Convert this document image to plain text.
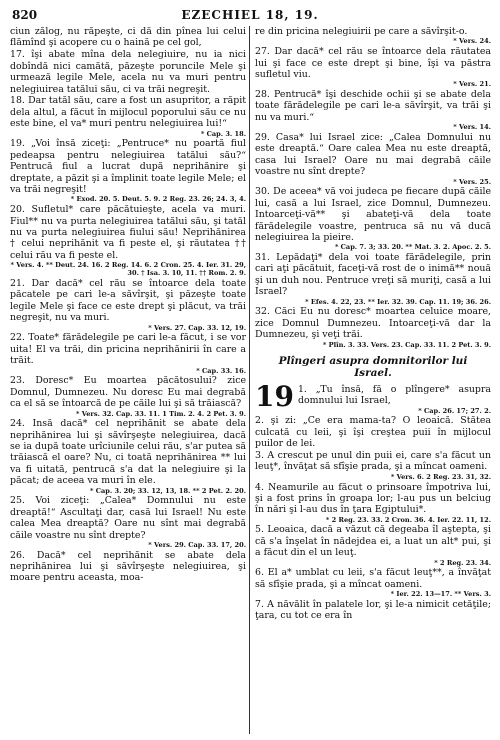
820	EZECHIEL 18, 19.

ciun zălog, nu răpeşte, ci dă din pînea lui celui flămînd şi acopere cu o haină pe cel gol,

17. îşi abate mîna dela nelegiuire, nu ia nici dobîndă nici camătă, păzeşte poruncile Mele şi urmează legile Mele, acela nu va muri pentru nelegiuirea tatălui său, ci va trăi negreşit.

18. Dar tatăl său, care a fost un asupritor, a răpit dela altul, a făcut în mijlocul poporului său ce nu este bine, el va* muri pentru nelegiuirea lui!“
* Cap. 3. 18.

19. „Voi însă ziceţi: „Pentruce* nu poartă fiul pedeapsa pentru nelegiuirea tatălui său?“ Pentrucă fiul a lucrat după neprihănire şi dreptate, a păzit şi a împlinit toate legile Mele; el va trăi negreşit!
* Exod. 20. 5. Deut. 5. 9. 2 Reg. 23. 26; 24. 3, 4.

20. Sufletul* care păcătuieşte, acela va muri. Fiul** nu va purta nelegiuirea tatălui său, şi tatăl nu va purta nelegiuirea fiului său! Neprihănirea † celui neprihănit va fi peste el, şi răutatea †† celui rău va fi peste el.
* Vers. 4. ** Deut. 24. 16. 2 Reg. 14. 6. 2 Cron. 25. 4. Ier. 31. 29, 30. † Isa. 3. 10, 11. †† Rom. 2. 9.

21. Dar dacă* cel rău se întoarce dela toate păcatele pe cari le-a săvîrşit, şi păzeşte toate legile Mele şi face ce este drept şi plăcut, va trăi negreşit, nu va muri.
* Vers. 27. Cap. 33. 12, 19.

22. Toate* fărădelegile pe cari le-a făcut, i se vor uita! El va trăi, din pricina neprihănirii în care a trăit.
* Cap. 33. 16.

23. Doresc* Eu moartea păcătosului? zice Domnul, Dumnezeu. Nu doresc Eu mai degrabă ca el să se întoarcă de pe căile lui şi să trăiască?
* Vers. 32. Cap. 33. 11. 1 Tim. 2. 4. 2 Pet. 3. 9.

24. Insă dacă* cel neprihănit se abate dela neprihănirea lui şi săvîrşeşte nelegiuirea, dacă se ia după toate urîciunile celui rău, s'ar putea să trăiască el oare? Nu, ci toată neprihănirea ** lui va fi uitată, pentrucă s'a dat la nelegiuire şi la păcat; de aceea va muri în ele.
* Cap. 3. 20; 33. 12, 13, 18. ** 2 Pet. 2. 20.

25. Voi ziceţi: „Calea* Domnului nu este dreaptă!“ Ascultaţi dar, casă lui Israel! Nu este calea Mea dreaptă? Oare nu sînt mai degrabă căile voastre nu sînt drepte?
* Vers. 29. Cap. 33. 17, 20.

26. Dacă* cel neprihănit se abate dela neprihănirea lui şi săvîrşeşte nelegiuirea, şi moare pentru aceasta, moa-

re din pricina nelegiuirii pe care a săvîrşit-o.
* Vers. 24.

27. Dar dacă* cel rău se întoarce dela răutatea lui şi face ce este drept şi bine, îşi va păstra sufletul viu.
* Vers. 21.

28. Pentrucă* îşi deschide ochii şi se abate dela toate fărădelegile pe cari le-a săvîrşit, va trăi şi nu va muri.“
* Vers. 14.

29. Casa* lui Israel zice: „Calea Domnului nu este dreaptă.“ Oare calea Mea nu este dreaptă, casa lui Israel? Oare nu mai degrabă căile voastre nu sînt drepte?
* Vers. 25.

30. De aceea* vă voi judeca pe fiecare după căile lui, casă a lui Israel, zice Domnul, Dumnezeu. Intoarceţi-vă** şi abateţi-vă dela toate fărădelegile voastre, pentruca să nu vă ducă nelegiuirea la pieire.
* Cap. 7. 3; 33. 20. ** Mat. 3. 2. Apoc. 2. 5.

31. Lepădaţi* dela voi toate fărădelegile, prin cari aţi păcătuit, faceţi-vă rost de o inimă** nouă şi un duh nou. Pentruce vreţi să muriţi, casă a lui Israel?
* Efes. 4. 22, 23. ** Ier. 32. 39. Cap. 11. 19; 36. 26.

32. Căci Eu nu doresc* moartea celuice moare, zice Domnul Dumnezeu. Intoarceţi-vă dar la Dumnezeu, şi veţi trăi.
* Plîn. 3. 33. Vers. 23. Cap. 33. 11. 2 Pet. 3. 9.

Plîngeri asupra domnitorilor lui
Israel.

19 1. „Tu însă, fă o plîngere* asupra domnului lui Israel,
* Cap. 26. 17; 27. 2.

2. şi zi: „Ce era mama-ta? O leoaică. Stătea culcată cu leii, şi îşi creştea puii în mijlocul puilor de lei.

3. A crescut pe unul din puii ei, care s'a făcut un leuţ*, învăţat să sfîşie prada, şi a mîncat oameni.
* Vers. 6. 2 Reg. 23. 31, 32.

4. Neamurile au făcut o prinsoare împotriva lui, şi a fost prins în groapa lor; l-au pus un belciug în nări şi l-au dus în ţara Egiptului*.
* 2 Reg. 23. 33. 2 Cron. 36. 4. Ier. 22. 11, 12.

5. Leoaica, dacă a văzut că degeaba îl aştepta, şi că s'a înşelat în nădejdea ei, a luat un alt* pui, şi a făcut din el un leuţ.
* 2 Reg. 23. 34.

6. El a* umblat cu leii, s'a făcut leuţ**, a învăţat să sfîşie prada, şi a mîncat oameni.
* Ier. 22. 13—17. ** Vers. 3.

7. A năvălit în palatele lor, şi le-a nimicit cetăţile; ţara, cu tot ce era în
